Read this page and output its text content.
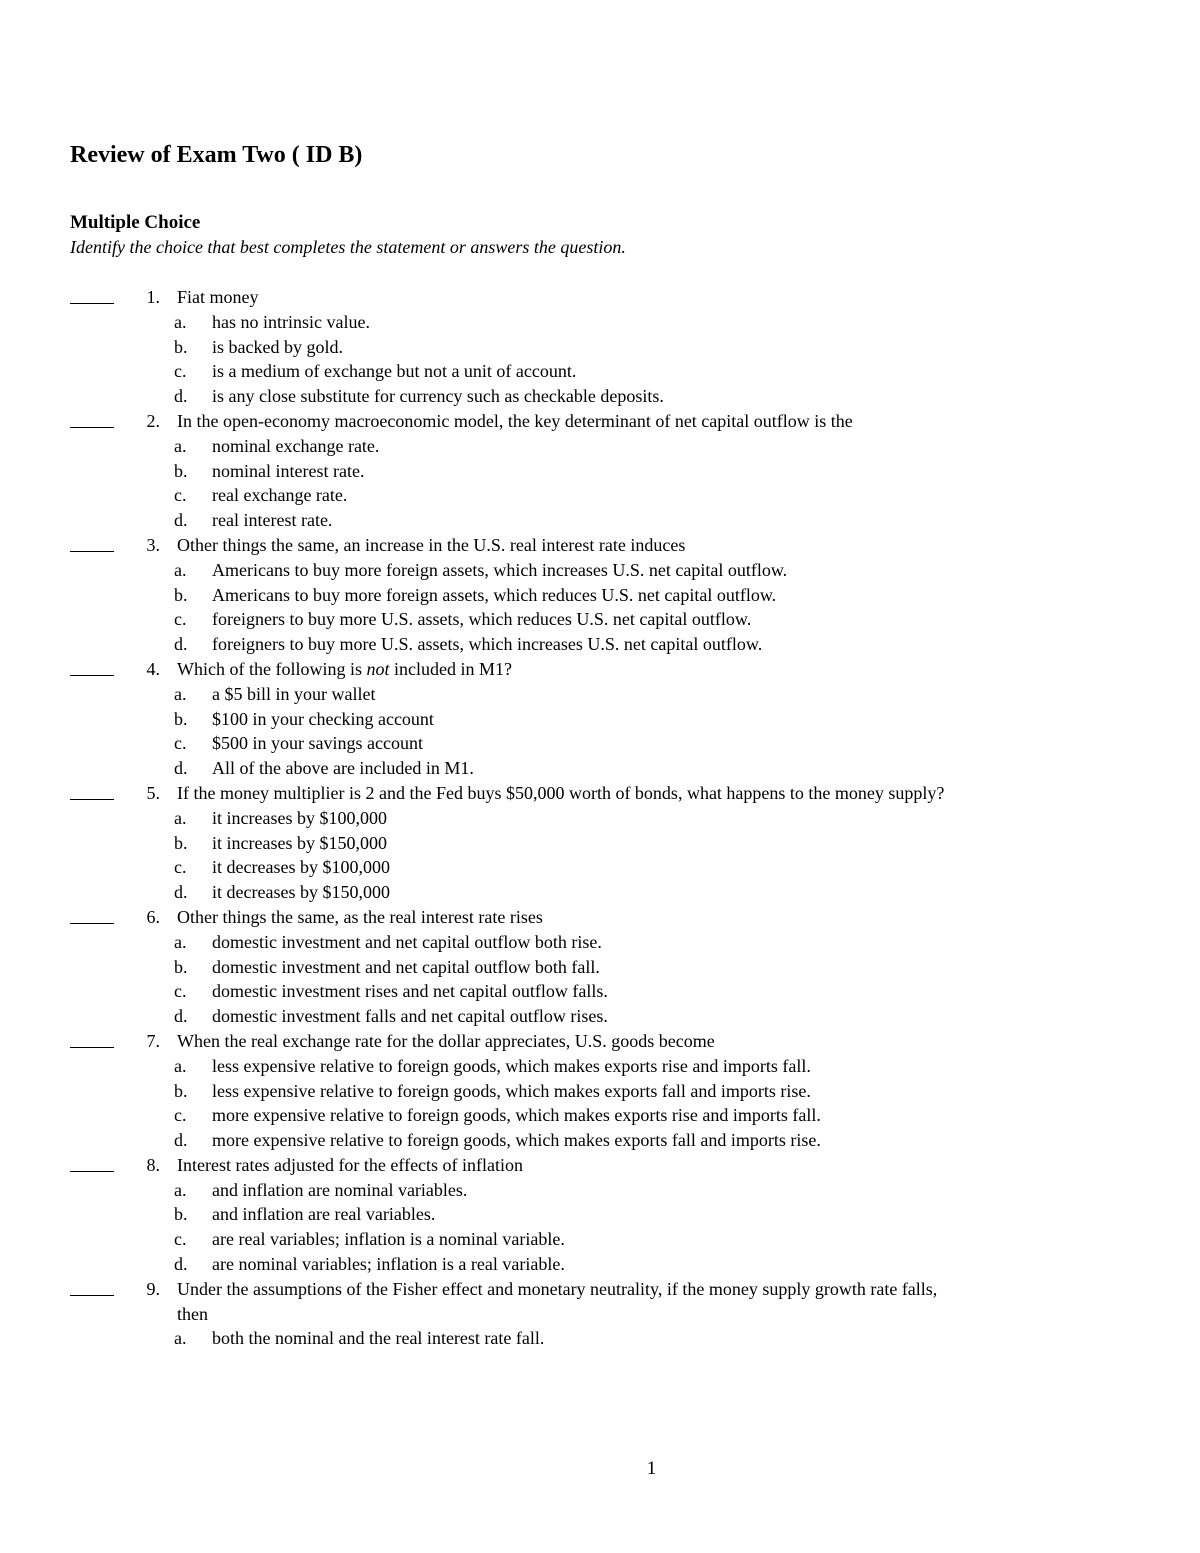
Review of Exam Two ( ID B)
Multiple Choice
Identify the choice that best completes the statement or answers the question.
1. Fiat money
a. has no intrinsic value.
b. is backed by gold.
c. is a medium of exchange but not a unit of account.
d. is any close substitute for currency such as checkable deposits.
2. In the open-economy macroeconomic model, the key determinant of net capital outflow is the
a. nominal exchange rate.
b. nominal interest rate.
c. real exchange rate.
d. real interest rate.
3. Other things the same, an increase in the U.S. real interest rate induces
a. Americans to buy more foreign assets, which increases U.S. net capital outflow.
b. Americans to buy more foreign assets, which reduces U.S. net capital outflow.
c. foreigners to buy more U.S. assets, which reduces U.S. net capital outflow.
d. foreigners to buy more U.S. assets, which increases U.S. net capital outflow.
4. Which of the following is not included in M1?
a. a $5 bill in your wallet
b. $100 in your checking account
c. $500 in your savings account
d. All of the above are included in M1.
5. If the money multiplier is 2 and the Fed buys $50,000 worth of bonds, what happens to the money supply?
a. it increases by $100,000
b. it increases by $150,000
c. it decreases by $100,000
d. it decreases by $150,000
6. Other things the same, as the real interest rate rises
a. domestic investment and net capital outflow both rise.
b. domestic investment and net capital outflow both fall.
c. domestic investment rises and net capital outflow falls.
d. domestic investment falls and net capital outflow rises.
7. When the real exchange rate for the dollar appreciates, U.S. goods become
a. less expensive relative to foreign goods, which makes exports rise and imports fall.
b. less expensive relative to foreign goods, which makes exports fall and imports rise.
c. more expensive relative to foreign goods, which makes exports rise and imports fall.
d. more expensive relative to foreign goods, which makes exports fall and imports rise.
8. Interest rates adjusted for the effects of inflation
a. and inflation are nominal variables.
b. and inflation are real variables.
c. are real variables; inflation is a nominal variable.
d. are nominal variables; inflation is a real variable.
9. Under the assumptions of the Fisher effect and monetary neutrality, if the money supply growth rate falls,
then
a. both the nominal and the real interest rate fall.
1
